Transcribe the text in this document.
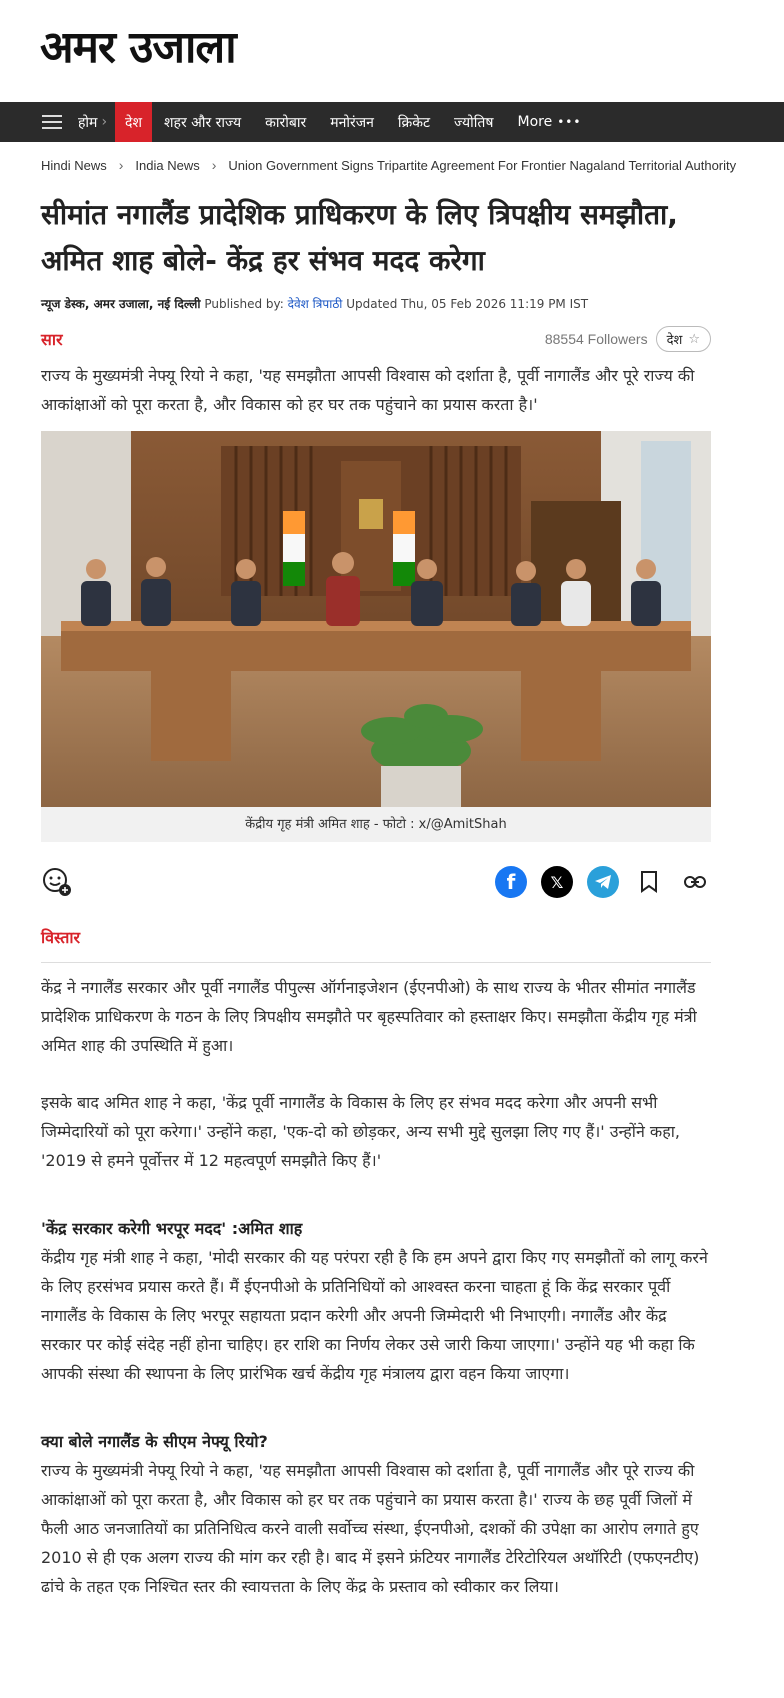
अमर उजाला
होम ›	देश	शहर और राज्य	कारोबार	मनोरंजन	क्रिकेट	ज्योतिष	More •••
Hindi News › India News › Union Government Signs Tripartite Agreement For Frontier Nagaland Territorial Authority
सीमांत नगालैंड प्रादेशिक प्राधिकरण के लिए त्रिपक्षीय समझौता, अमित शाह बोले- केंद्र हर संभव मदद करेगा
न्यूज डेस्क, अमर उजाला, नई दिल्ली Published by: देवेश त्रिपाठी Updated Thu, 05 Feb 2026 11:19 PM IST
सार	88554 Followers देश ☆

राज्य के मुख्यमंत्री नेफ्यू रियो ने कहा, 'यह समझौता आपसी विश्वास को दर्शाता है, पूर्वी नागालैंड और पूरे राज्य की आकांक्षाओं को पूरा करता है, और विकास को हर घर तक पहुंचाने का प्रयास करता है।'

केंद्रीय गृह मंत्री अमित शाह - फोटो : x/@AmitShah
f	𝕏
विस्तार

केंद्र ने नगालैंड सरकार और पूर्वी नगालैंड पीपुल्स ऑर्गनाइजेशन (ईएनपीओ) के साथ राज्य के भीतर सीमांत नगालैंड प्रादेशिक प्राधिकरण के गठन के लिए त्रिपक्षीय समझौते पर बृहस्पतिवार को हस्ताक्षर किए। समझौता केंद्रीय गृह मंत्री अमित शाह की उपस्थिति में हुआ।

इसके बाद अमित शाह ने कहा, 'केंद्र पूर्वी नागालैंड के विकास के लिए हर संभव मदद करेगा और अपनी सभी जिम्मेदारियों को पूरा करेगा।' उन्होंने कहा, 'एक-दो को छोड़कर, अन्य सभी मुद्दे सुलझा लिए गए हैं।' उन्होंने कहा, '2019 से हमने पूर्वोत्तर में 12 महत्वपूर्ण समझौते किए हैं।'

'केंद्र सरकार करेगी भरपूर मदद' :अमित शाह

केंद्रीय गृह मंत्री शाह ने कहा, 'मोदी सरकार की यह परंपरा रही है कि हम अपने द्वारा किए गए समझौतों को लागू करने के लिए हरसंभव प्रयास करते हैं। मैं ईएनपीओ के प्रतिनिधियों को आश्वस्त करना चाहता हूं कि केंद्र सरकार पूर्वी नागालैंड के विकास के लिए भरपूर सहायता प्रदान करेगी और अपनी जिम्मेदारी भी निभाएगी। नगालैंड और केंद्र सरकार पर कोई संदेह नहीं होना चाहिए। हर राशि का निर्णय लेकर उसे जारी किया जाएगा।' उन्होंने यह भी कहा कि आपकी संस्था की स्थापना के लिए प्रारंभिक खर्च केंद्रीय गृह मंत्रालय द्वारा वहन किया जाएगा।

क्या बोले नगालैंड के सीएम नेफ्यू रियो?

राज्य के मुख्यमंत्री नेफ्यू रियो ने कहा, 'यह समझौता आपसी विश्वास को दर्शाता है, पूर्वी नागालैंड और पूरे राज्य की आकांक्षाओं को पूरा करता है, और विकास को हर घर तक पहुंचाने का प्रयास करता है।' राज्य के छह पूर्वी जिलों में फैली आठ जनजातियों का प्रतिनिधित्व करने वाली सर्वोच्च संस्था, ईएनपीओ, दशकों की उपेक्षा का आरोप लगाते हुए 2010 से ही एक अलग राज्य की मांग कर रही है। बाद में इसने फ्रंटियर नागालैंड टेरिटोरियल अथॉरिटी (एफएनटीए) ढांचे के तहत एक निश्चित स्तर की स्वायत्तता के लिए केंद्र के प्रस्ताव को स्वीकार कर लिया।
